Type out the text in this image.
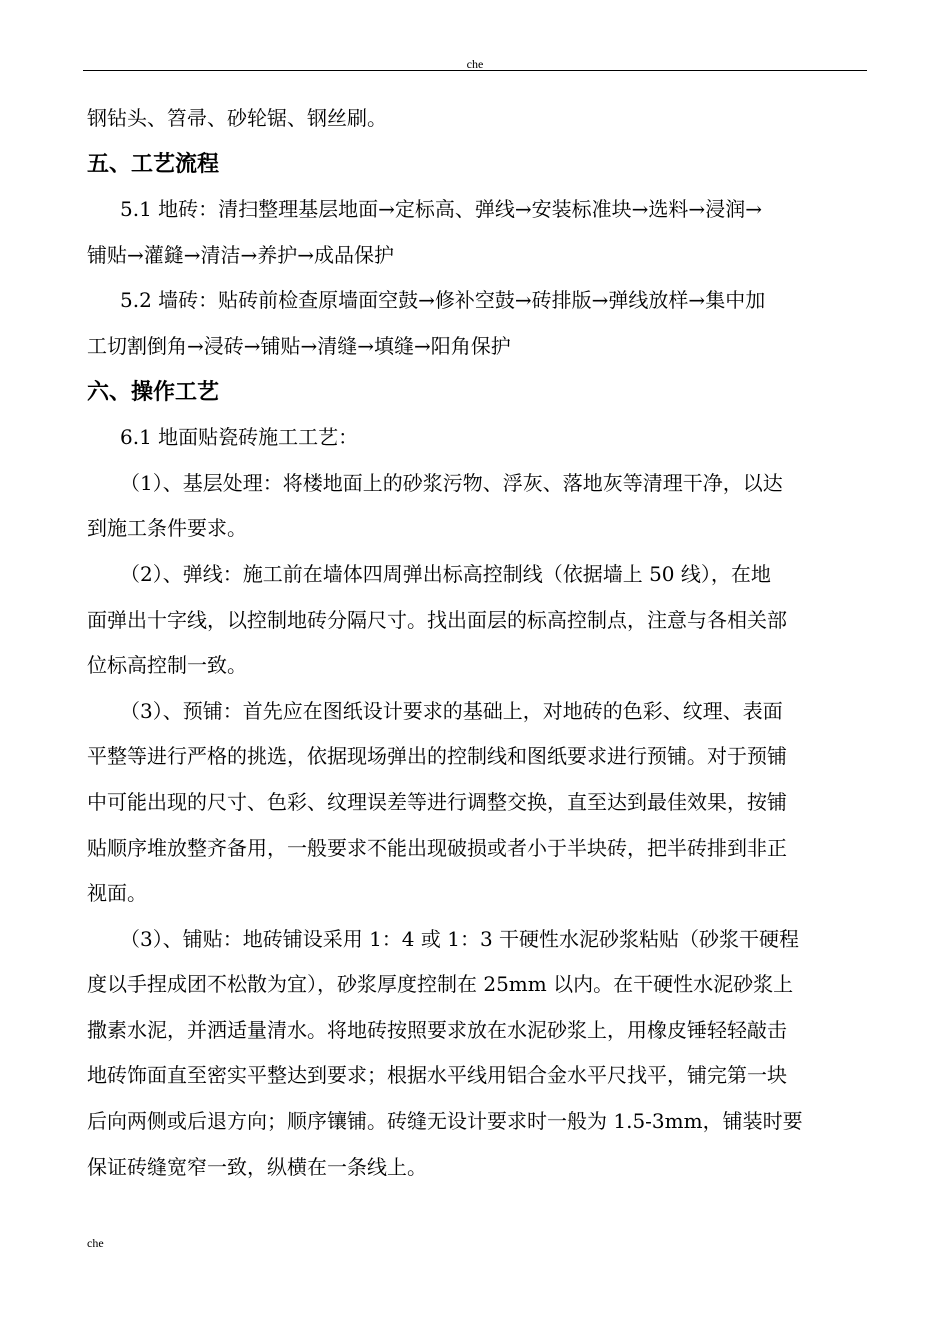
che

钢钻头、笤帚、砂轮锯、钢丝刷。

五、工艺流程

5.1 地砖：清扫整理基层地面→定标高、弹线→安装标准块→选料→浸润→

铺贴→灌鏠→清洁→养护→成品保护

5.2 墙砖：贴砖前检查原墙面空鼓→修补空鼓→砖排版→弹线放样→集中加

工切割倒角→浸砖→铺贴→清缝→填缝→阳角保护

六、操作工艺

6.1 地面贴瓷砖施工工艺：

（1）、基层处理：将楼地面上的砂浆污物、浮灰、落地灰等清理干净，以达

到施工条件要求。

（2）、弹线：施工前在墙体四周弹出标高控制线（依据墙上 50 线），在地

面弹出十字线，以控制地砖分隔尺寸。找出面层的标高控制点，注意与各相关部

位标高控制一致。

（3）、预铺：首先应在图纸设计要求的基础上，对地砖的色彩、纹理、表面

平整等进行严格的挑选，依据现场弹出的控制线和图纸要求进行预铺。对于预铺

中可能出现的尺寸、色彩、纹理误差等进行调整交换，直至达到最佳效果，按铺

贴顺序堆放整齐备用，一般要求不能出现破损或者小于半块砖，把半砖排到非正

视面。

（3）、铺贴：地砖铺设采用 1：4 或 1：3 干硬性水泥砂浆粘贴（砂浆干硬程

度以手捏成团不松散为宜），砂浆厚度控制在 25mm 以内。在干硬性水泥砂浆上

撒素水泥，并洒适量清水。将地砖按照要求放在水泥砂浆上，用橡皮锤轻轻敲击

地砖饰面直至密实平整达到要求；根据水平线用铝合金水平尺找平，铺完第一块

后向两侧或后退方向；顺序镶铺。砖缝无设计要求时一般为 1.5-3mm，铺装时要

保证砖缝宽窄一致，纵横在一条线上。

che
